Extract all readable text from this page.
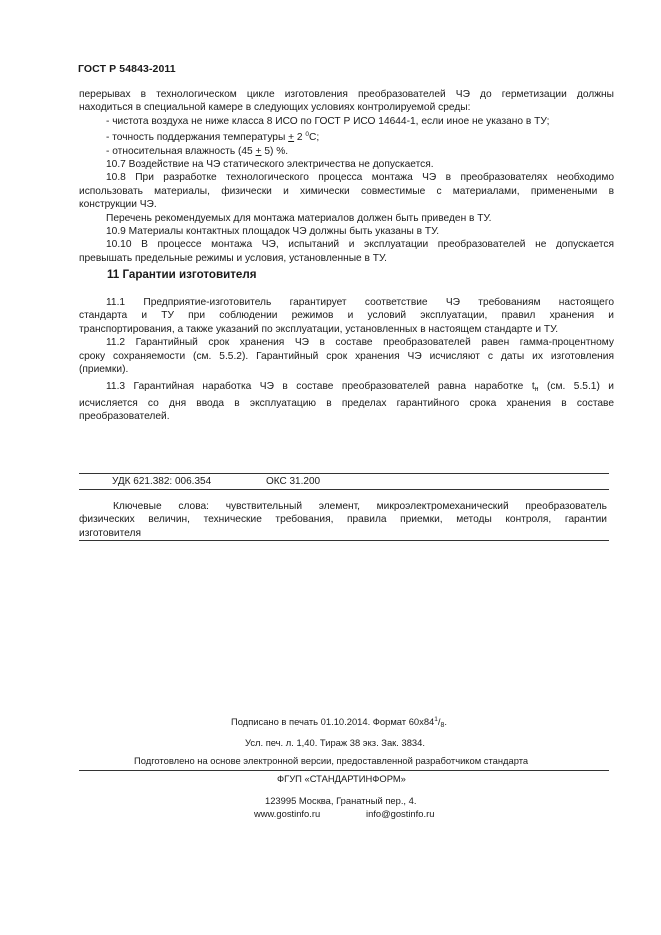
ГОСТ Р 54843-2011
перерывах в технологическом цикле изготовления преобразователей ЧЭ до герметизации должны
находиться в специальной камере в следующих условиях контролируемой среды:
- чистота воздуха не ниже класса 8 ИСО по ГОСТ Р ИСО 14644-1, если иное не указано в ТУ;
- точность поддержания температуры + 2 $^0$С;
- относительная влажность (45 + 5) %.
10.7 Воздействие на ЧЭ статического электричества не допускается.
10.8 При разработке технологического процесса монтажа ЧЭ в преобразователях необходимо
использовать материалы, физически и химически совместимые с материалами, применеными в
конструкции ЧЭ.
Перечень рекомендуемых для монтажа материалов должен быть приведен в ТУ.
10.9 Материалы контактных площадок ЧЭ должны быть указаны в ТУ.
10.10 В процессе монтажа ЧЭ, испытаний и эксплуатации преобразователей не допускается
превышать предельные режимы и условия, установленные в ТУ.
11 Гарантии изготовителя
11.1 Предприятие-изготовитель гарантирует соответствие ЧЭ требованиям настоящего
стандарта и ТУ при соблюдении режимов и условий эксплуатации, правил хранения и
транспортирования, а также указаний по эксплуатации, установленных в настоящем стандарте и ТУ.
11.2 Гарантийный срок хранения ЧЭ в составе преобразователей равен гамма-процентному
сроку сохраняемости (см. 5.5.2). Гарантийный срок хранения ЧЭ исчисляют с даты их изготовления
(приемки).
11.3 Гарантийная наработка ЧЭ в составе преобразователей равна наработке $t_н$ (см. 5.5.1) и
исчисляется со дня ввода в эксплуатацию в пределах гарантийного срока хранения в составе
преобразователей.
УДК 621.382: 006.354	ОКС 31.200
Ключевые слова: чувствительный элемент, микроэлектромеханический преобразователь
физических величин, технические требования, правила приемки, методы контроля, гарантии
изготовителя
Подписано в печать 01.10.2014. Формат $60х84^1/_8$.
Усл. печ. л. 1,40. Тираж 38 экз. Зак. 3834.
Подготовлено на основе электронной версии, предоставленной разработчиком стандарта
ФГУП «СТАНДАРТИНФОРМ»
123995 Москва, Гранатный пер., 4.
www.gostinfo.ru	info@gostinfo.ru
